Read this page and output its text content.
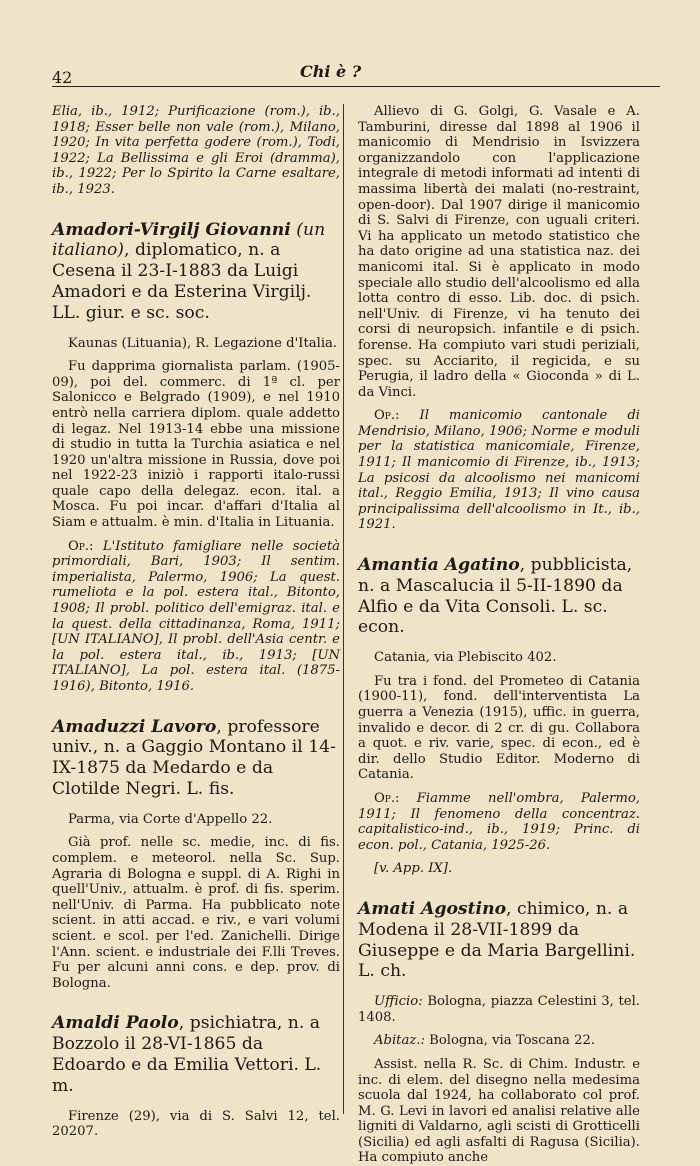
42	Chi è ?

Elia, ib., 1912; Purificazione (rom.), ib., 1918; Esser belle non vale (rom.), Milano, 1920; In vita perfetta godere (rom.), Todi, 1922; La Bellissima e gli Eroi (dramma), ib., 1922; Per lo Spirito la Carne esaltare, ib., 1923.

Amadori-Virgilj Giovanni (un italiano), diplomatico, n. a Cesena il 23-I-1883 da Luigi Amadori e da Esterina Virgilj. LL. giur. e sc. soc.

Kaunas (Lituania), R. Legazione d'Italia.

Fu dapprima giornalista parlam. (1905-09), poi del. commerc. di 1ª cl. per Salonicco e Belgrado (1909), e nel 1910 entrò nella carriera diplom. quale addetto di legaz. Nel 1913-14 ebbe una missione di studio in tutta la Turchia asiatica e nel 1920 un'altra missione in Russia, dove poi nel 1922-23 iniziò i rapporti italo-russi quale capo della delegaz. econ. ital. a Mosca. Fu poi incar. d'affari d'Italia al Siam e attualm. è min. d'Italia in Lituania.

Op.: L'Istituto famigliare nelle società primordiali, Bari, 1903; Il sentim. imperialista, Palermo, 1906; La quest. rumeliota e la pol. estera ital., Bitonto, 1908; Il probl. politico dell'emigraz. ital. e la quest. della cittadinanza, Roma, 1911; [UN ITALIANO], Il probl. dell'Asia centr. e la pol. estera ital., ib., 1913; [UN ITALIANO], La pol. estera ital. (1875-1916), Bitonto, 1916.

Amaduzzi Lavoro, professore univ., n. a Gaggio Montano il 14-IX-1875 da Medardo e da Clotilde Negri. L. fis.

Parma, via Corte d'Appello 22.

Già prof. nelle sc. medie, inc. di fis. complem. e meteorol. nella Sc. Sup. Agraria di Bologna e suppl. di A. Righi in quell'Univ., attualm. è prof. di fis. sperim. nell'Univ. di Parma. Ha pubblicato note scient. in atti accad. e riv., e vari volumi scient. e scol. per l'ed. Zanichelli. Dirige l'Ann. scient. e industriale dei F.lli Treves. Fu per alcuni anni cons. e dep. prov. di Bologna.

Amaldi Paolo, psichiatra, n. a Bozzolo il 28-VI-1865 da Edoardo e da Emilia Vettori. L. m.

Firenze (29), via di S. Salvi 12, tel. 20207.

Allievo di G. Golgi, G. Vasale e A. Tamburini, diresse dal 1898 al 1906 il manicomio di Mendrisio in Isvizzera organizzandolo con l'applicazione integrale di metodi informati ad intenti di massima libertà dei malati (no-restraint, open-door). Dal 1907 dirige il manicomio di S. Salvi di Firenze, con uguali criteri. Vi ha applicato un metodo statistico che ha dato origine ad una statistica naz. dei manicomi ital. Si è applicato in modo speciale allo studio dell'alcoolismo ed alla lotta contro di esso. Lib. doc. di psich. nell'Univ. di Firenze, vi ha tenuto dei corsi di neuropsich. infantile e di psich. forense. Ha compiuto vari studi periziali, spec. su Acciarito, il regicida, e su Perugia, il ladro della « Gioconda » di L. da Vinci.

Op.: Il manicomio cantonale di Mendrisio, Milano, 1906; Norme e moduli per la statistica manicomiale, Firenze, 1911; Il manicomio di Firenze, ib., 1913; La psicosi da alcoolismo nei manicomi ital., Reggio Emilia, 1913; Il vino causa principalissima dell'alcoolismo in It., ib., 1921.

Amantia Agatino, pubblicista, n. a Mascalucia il 5-II-1890 da Alfio e da Vita Consoli. L. sc. econ.

Catania, via Plebiscito 402.

Fu tra i fond. del Prometeo di Catania (1900-11), fond. dell'interventista La guerra a Venezia (1915), uffic. in guerra, invalido e decor. di 2 cr. di gu. Collabora a quot. e riv. varie, spec. di econ., ed è dir. dello Studio Editor. Moderno di Catania.

Op.: Fiamme nell'ombra, Palermo, 1911; Il fenomeno della concentraz. capitalistico-ind., ib., 1919; Princ. di econ. pol., Catania, 1925-26.

[v. App. IX].

Amati Agostino, chimico, n. a Modena il 28-VII-1899 da Giuseppe e da Maria Bargellini. L. ch.

Ufficio: Bologna, piazza Celestini 3, tel. 1408.

Abitaz.: Bologna, via Toscana 22.

Assist. nella R. Sc. di Chim. Industr. e inc. di elem. del disegno nella medesima scuola dal 1924, ha collaborato col prof. M. G. Levi in lavori ed analisi relative alle ligniti di Valdarno, agli scisti di Grotticelli (Sicilia) ed agli asfalti di Ragusa (Sicilia). Ha compiuto anche
